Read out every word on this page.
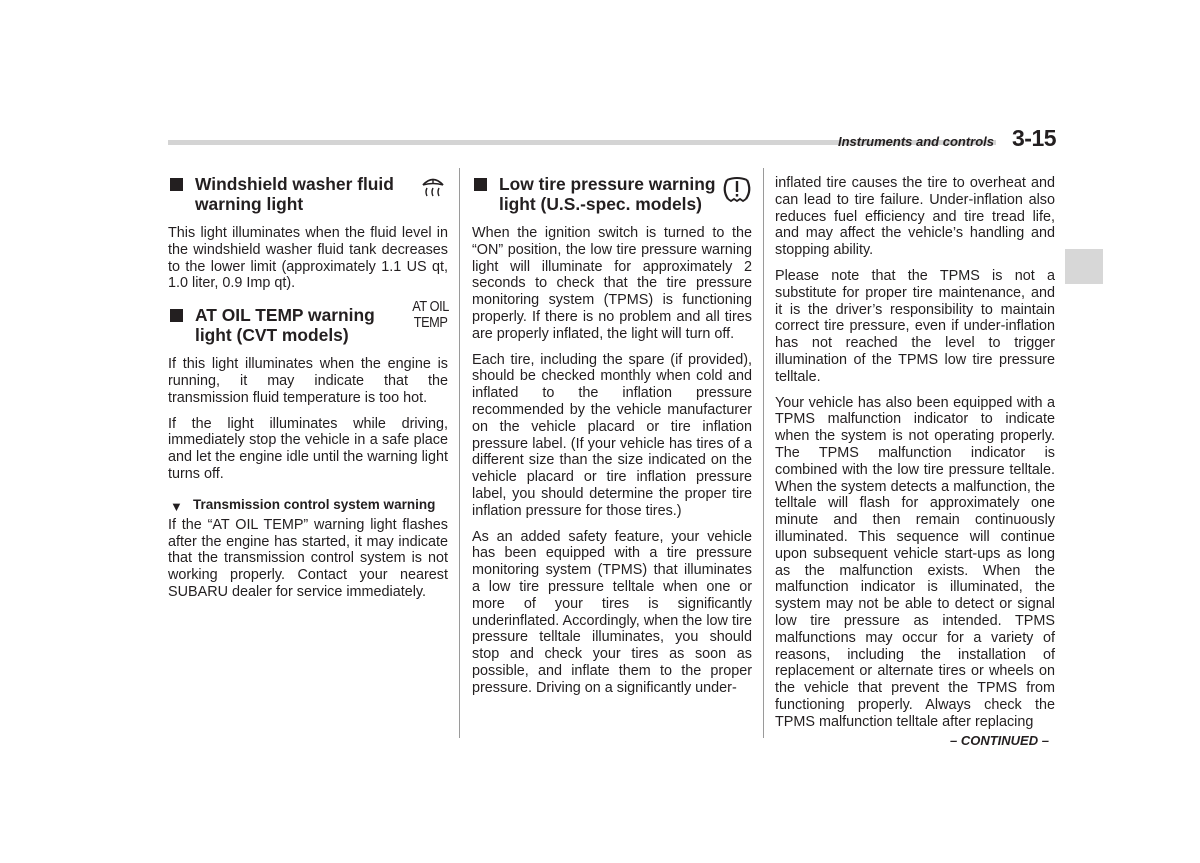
Instruments and controls 3-15
Windshield washer fluid warning light

This light illuminates when the fluid level in the windshield washer fluid tank decreases to the lower limit (approximately 1.1 US qt, 1.0 liter, 0.9 Imp qt).

AT OIL TEMP warning light (CVT models)
AT OIL
TEMP

If this light illuminates when the engine is running, it may indicate that the transmission fluid temperature is too hot.

If the light illuminates while driving, immediately stop the vehicle in a safe place and let the engine idle until the warning light turns off.

▼ Transmission control system warning

If the “AT OIL TEMP” warning light flashes after the engine has started, it may indicate that the transmission control system is not working properly. Contact your nearest SUBARU dealer for service immediately.

Low tire pressure warning light (U.S.-spec. models)

When the ignition switch is turned to the “ON” position, the low tire pressure warning light will illuminate for approximately 2 seconds to check that the tire pressure monitoring system (TPMS) is functioning properly. If there is no problem and all tires are properly inflated, the light will turn off.

Each tire, including the spare (if provided), should be checked monthly when cold and inflated to the inflation pressure recommended by the vehicle manufacturer on the vehicle placard or tire inflation pressure label. (If your vehicle has tires of a different size than the size indicated on the vehicle placard or tire inflation pressure label, you should determine the proper tire inflation pressure for those tires.)

As an added safety feature, your vehicle has been equipped with a tire pressure monitoring system (TPMS) that illuminates a low tire pressure telltale when one or more of your tires is significantly underinflated. Accordingly, when the low tire pressure telltale illuminates, you should stop and check your tires as soon as possible, and inflate them to the proper pressure. Driving on a significantly under-

inflated tire causes the tire to overheat and can lead to tire failure. Under-inflation also reduces fuel efficiency and tire tread life, and may affect the vehicle’s handling and stopping ability.

Please note that the TPMS is not a substitute for proper tire maintenance, and it is the driver’s responsibility to maintain correct tire pressure, even if under-inflation has not reached the level to trigger illumination of the TPMS low tire pressure telltale.

Your vehicle has also been equipped with a TPMS malfunction indicator to indicate when the system is not operating properly. The TPMS malfunction indicator is combined with the low tire pressure telltale. When the system detects a malfunction, the telltale will flash for approximately one minute and then remain continuously illuminated. This sequence will continue upon subsequent vehicle start-ups as long as the malfunction exists. When the malfunction indicator is illuminated, the system may not be able to detect or signal low tire pressure as intended. TPMS malfunctions may occur for a variety of reasons, including the installation of replacement or alternate tires or wheels on the vehicle that prevent the TPMS from functioning properly. Always check the TPMS malfunction telltale after replacing

– CONTINUED –
